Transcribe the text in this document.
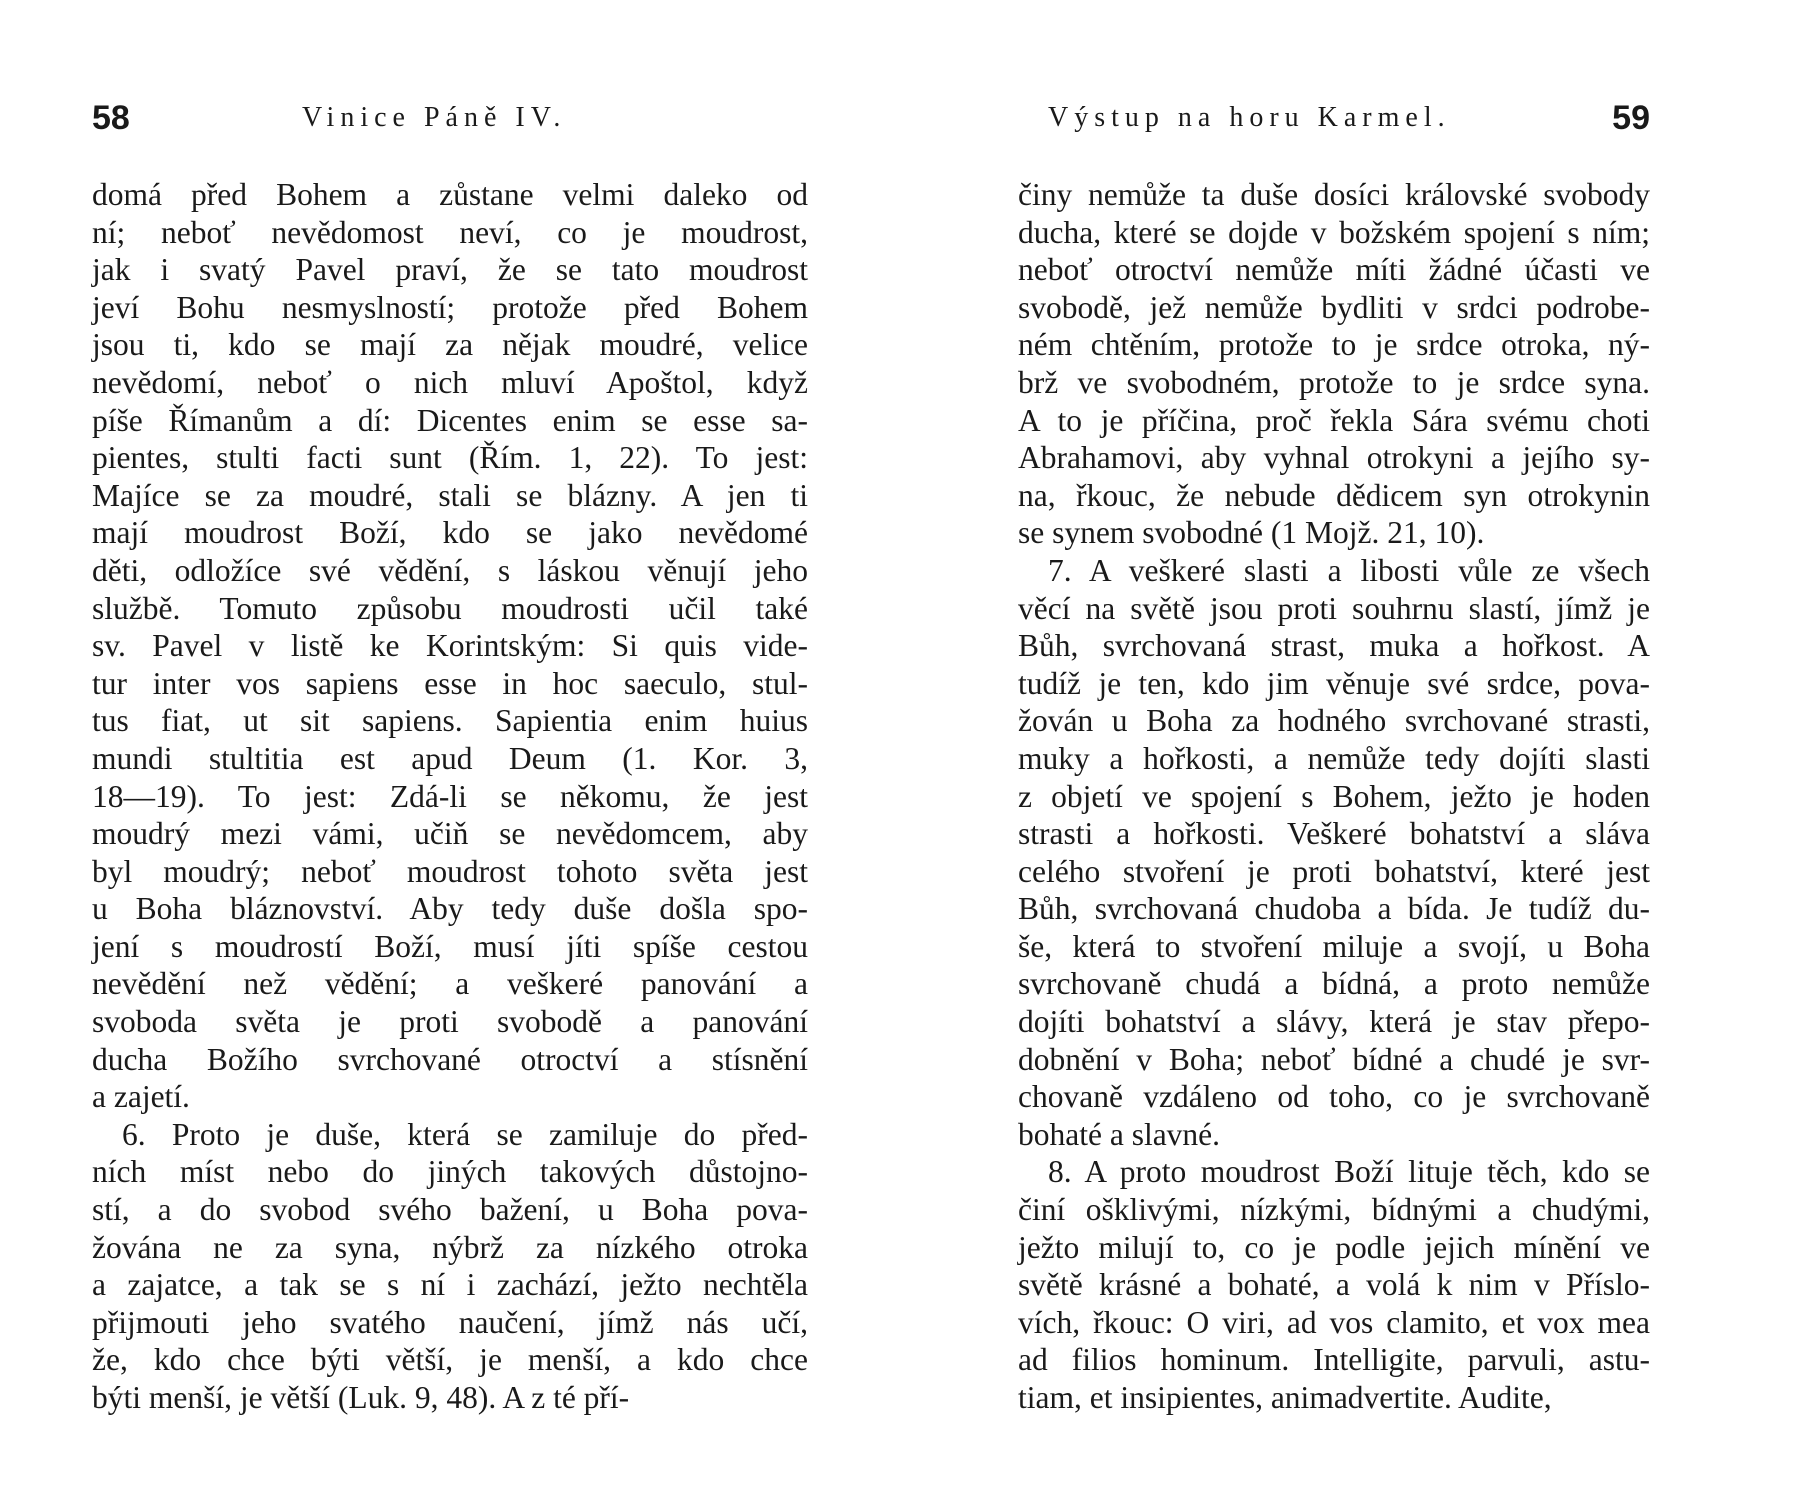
58	Vinice Páně IV.
domá před Bohem a zůstane velmi daleko od
ní; neboť nevědomost neví, co je moudrost,
jak i svatý Pavel praví, že se tato moudrost
jeví Bohu nesmyslností; protože před Bohem
jsou ti, kdo se mají za nějak moudré, velice
nevědomí, neboť o nich mluví Apoštol, když
píše Římanům a dí: Dicentes enim se esse sa-
pientes, stulti facti sunt (Řím. 1, 22). To jest:
Majíce se za moudré, stali se blázny. A jen ti
mají moudrost Boží, kdo se jako nevědomé
děti, odložíce své vědění, s láskou věnují jeho
službě. Tomuto způsobu moudrosti učil také
sv. Pavel v listě ke Korintským: Si quis vide-
tur inter vos sapiens esse in hoc saeculo, stul-
tus fiat, ut sit sapiens. Sapientia enim huius
mundi stultitia est apud Deum (1. Kor. 3,
18—19). To jest: Zdá-li se někomu, že jest
moudrý mezi vámi, učiň se nevědomcem, aby
byl moudrý; neboť moudrost tohoto světa jest
u Boha bláznovství. Aby tedy duše došla spo-
jení s moudrostí Boží, musí jíti spíše cestou
nevědění než vědění; a veškeré panování a
svoboda světa je proti svobodě a panování
ducha Božího svrchované otroctví a stísnění
a zajetí.
6. Proto je duše, která se zamiluje do před-
ních míst nebo do jiných takových důstojno-
stí, a do svobod svého bažení, u Boha pova-
žována ne za syna, nýbrž za nízkého otroka
a zajatce, a tak se s ní i zachází, ježto nechtěla
přijmouti jeho svatého naučení, jímž nás učí,
že, kdo chce býti větší, je menší, a kdo chce
býti menší, je větší (Luk. 9, 48). A z té pří-
Výstup na horu Karmel.	59
činy nemůže ta duše dosíci královské svobody
ducha, které se dojde v božském spojení s ním;
neboť otroctví nemůže míti žádné účasti ve
svobodě, jež nemůže bydliti v srdci podrobe-
ném chtěním, protože to je srdce otroka, ný-
brž ve svobodném, protože to je srdce syna.
A to je příčina, proč řekla Sára svému choti
Abrahamovi, aby vyhnal otrokyni a jejího sy-
na, řkouc, že nebude dědicem syn otrokynin
se synem svobodné (1 Mojž. 21, 10).
7. A veškeré slasti a libosti vůle ze všech
věcí na světě jsou proti souhrnu slastí, jímž je
Bůh, svrchovaná strast, muka a hořkost. A
tudíž je ten, kdo jim věnuje své srdce, pova-
žován u Boha za hodného svrchované strasti,
muky a hořkosti, a nemůže tedy dojíti slasti
z objetí ve spojení s Bohem, ježto je hoden
strasti a hořkosti. Veškeré bohatství a sláva
celého stvoření je proti bohatství, které jest
Bůh, svrchovaná chudoba a bída. Je tudíž du-
še, která to stvoření miluje a svojí, u Boha
svrchovaně chudá a bídná, a proto nemůže
dojíti bohatství a slávy, která je stav přepo-
dobnění v Boha; neboť bídné a chudé je svr-
chovaně vzdáleno od toho, co je svrchovaně
bohaté a slavné.
8. A proto moudrost Boží lituje těch, kdo se
činí ošklivými, nízkými, bídnými a chudými,
ježto milují to, co je podle jejich mínění ve
světě krásné a bohaté, a volá k nim v Příslo-
vích, řkouc: O viri, ad vos clamito, et vox mea
ad filios hominum. Intelligite, parvuli, astu-
tiam, et insipientes, animadvertite. Audite,
